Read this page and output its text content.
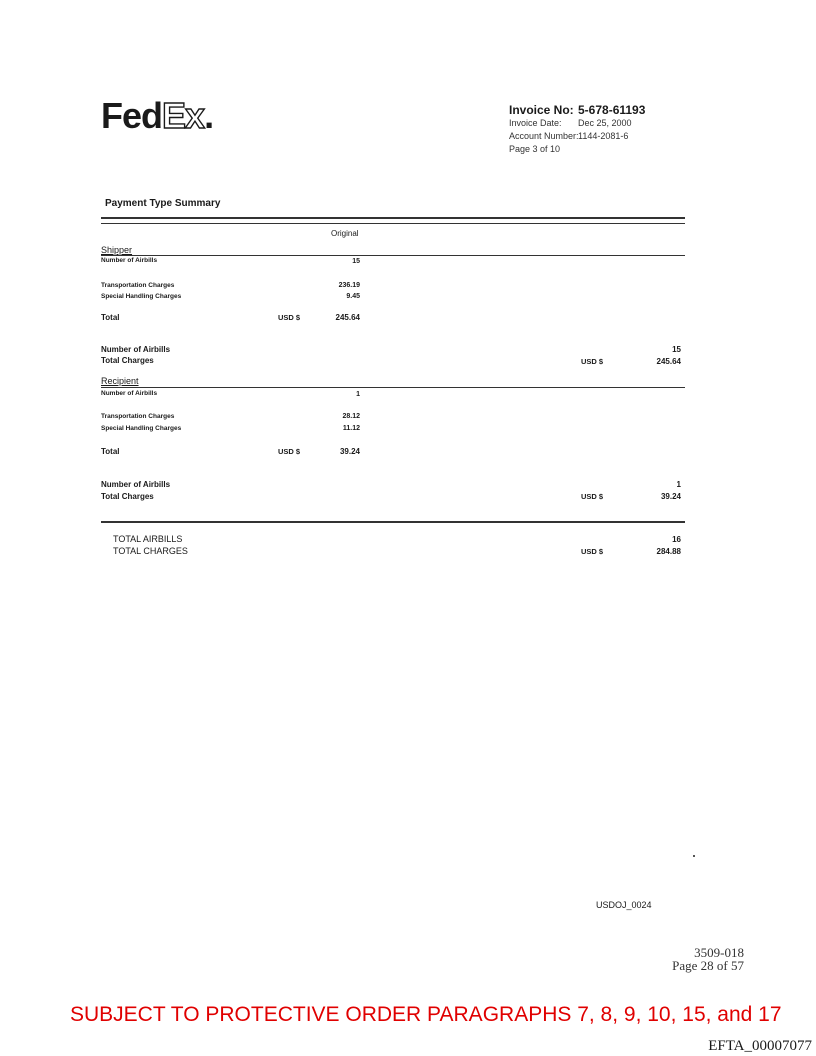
FedEx.	Invoice No: 5-678-61193
Invoice Date: Dec 25, 2000
Account Number: 1144-2081-6
Page 3 of 10
Payment Type Summary
Original
Shipper
Number of Airbills	15
Transportation Charges	236.19
Special Handling Charges	9.45
Total	USD $	245.64
Number of Airbills	15
Total Charges	USD $	245.64
Recipient
Number of Airbills	1
Transportation Charges	28.12
Special Handling Charges	11.12
Total	USD $	39.24
Number of Airbills	1
Total Charges	USD $	39.24
TOTAL AIRBILLS	16
TOTAL CHARGES	USD $	284.88
USDOJ_0024
3509-018
Page 28 of 57
SUBJECT TO PROTECTIVE ORDER PARAGRAPHS 7, 8, 9, 10, 15, and 17
EFTA_00007077
